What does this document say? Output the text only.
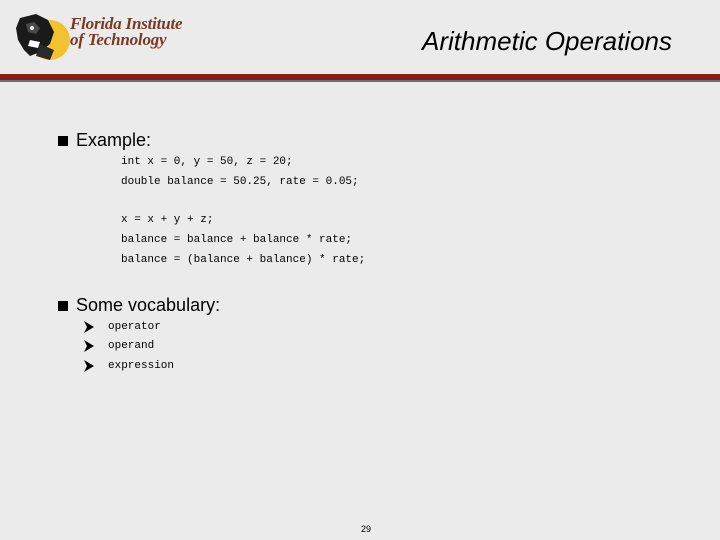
Florida Institute
of Technology	Arithmetic Operations
Example:
int x = 0, y = 50, z = 20;
double balance = 50.25, rate = 0.05;
x = x + y + z;
balance = balance + balance * rate;
balance = (balance + balance) * rate;
Some vocabulary:
operator
operand
expression
29
